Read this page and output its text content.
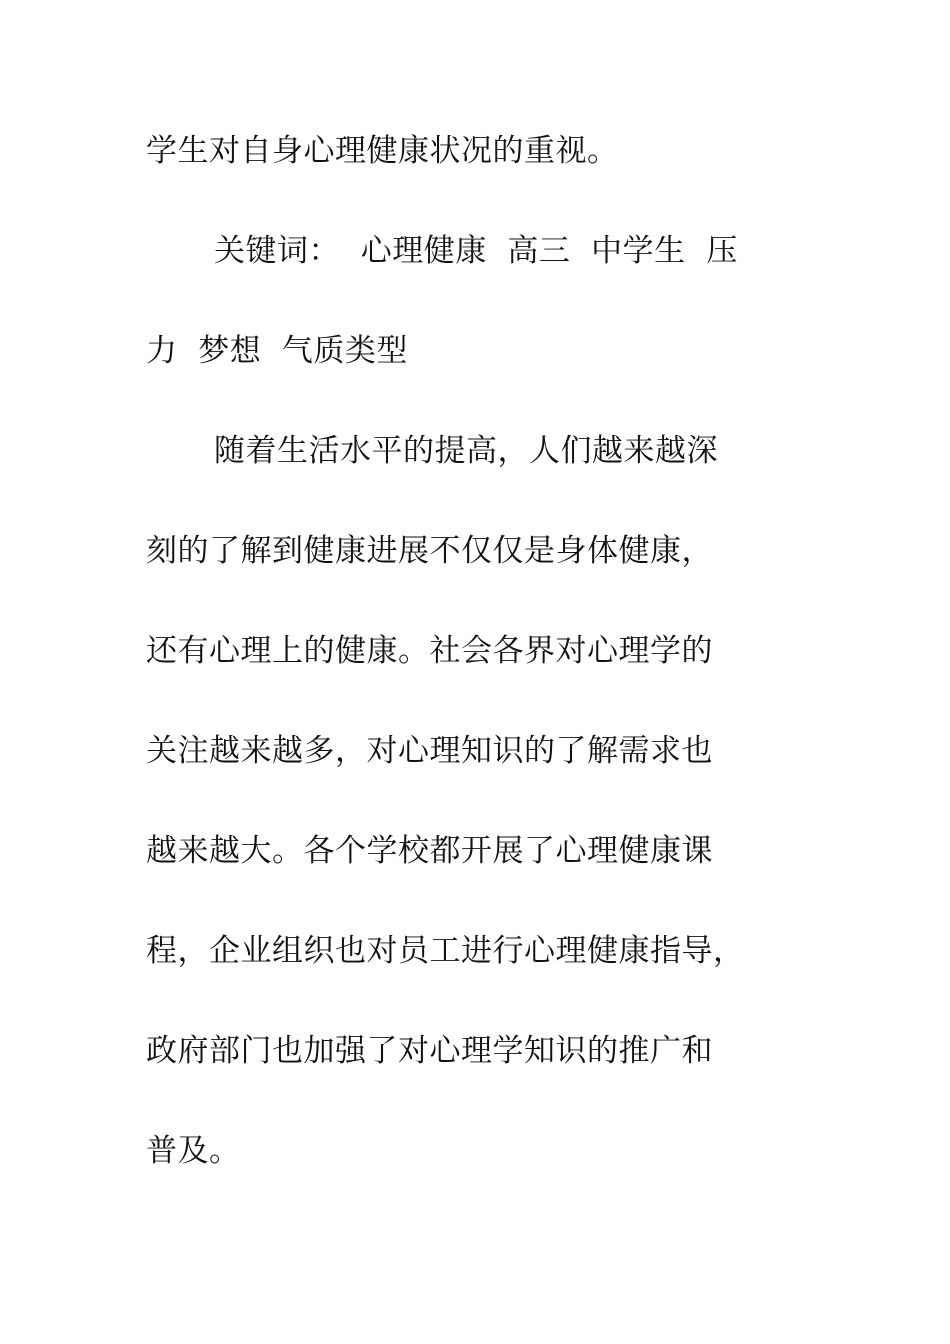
学生对自身心理健康状况的重视。
关键词：  心理健康  高三  中学生  压
力  梦想  气质类型
随着生活水平的提高，人们越来越深
刻的了解到健康进展不仅仅是身体健康，
还有心理上的健康。社会各界对心理学的
关注越来越多，对心理知识的了解需求也
越来越大。各个学校都开展了心理健康课
程，企业组织也对员工进行心理健康指导，
政府部门也加强了对心理学知识的推广和
普及。
